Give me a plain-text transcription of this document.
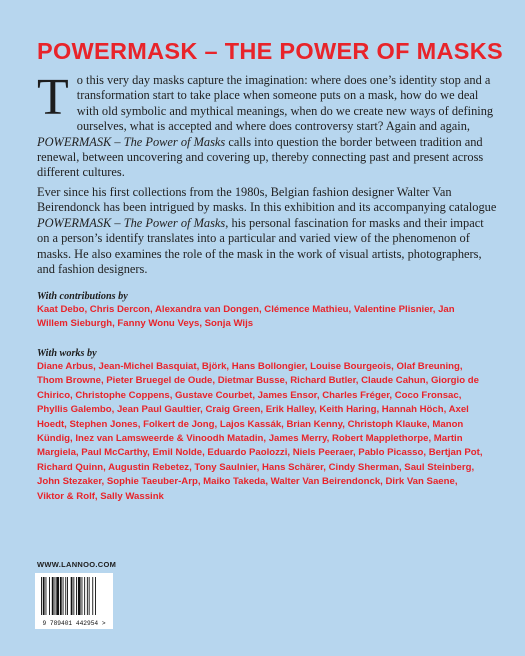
POWERMASK – THE POWER OF MASKS

To this very day masks capture the imagination: where does one’s identity stop and a transformation start to take place when someone puts on a mask, how do we deal with old symbolic and mythical meanings, when do we create new ways of defining ourselves, what is accepted and where does controversy start? Again and again, POWERMASK – The Power of Masks calls into question the border between tradition and renewal, between uncovering and covering up, thereby connecting past and present across different cultures.

Ever since his first collections from the 1980s, Belgian fashion designer Walter Van Beirendonck has been intrigued by masks. In this exhibition and its accompanying catalogue POWERMASK – The Power of Masks, his personal fascination for masks and their impact on a person’s identify translates into a particular and varied view of the phenomenon of masks. He also examines the role of the mask in the work of visual artists, photographers, and fashion designers.

With contributions by

Kaat Debo, Chris Dercon, Alexandra van Dongen, Clémence Mathieu, Valentine Plisnier, Jan Willem Sieburgh, Fanny Wonu Veys, Sonja Wijs

With works by

Diane Arbus, Jean-Michel Basquiat, Björk, Hans Bollongier, Louise Bourgeois, Olaf Breuning, Thom Browne, Pieter Bruegel de Oude, Dietmar Busse, Richard Butler, Claude Cahun, Giorgio de Chirico, Christophe Coppens, Gustave Courbet, James Ensor, Charles Fréger, Coco Fronsac, Phyllis Galembo, Jean Paul Gaultier, Craig Green, Erik Halley, Keith Haring, Hannah Höch, Axel Hoedt, Stephen Jones, Folkert de Jong, Lajos Kassák, Brian Kenny, Christoph Klauke, Manon Kündig, Inez van Lamsweerde & Vinoodh Matadin, James Merry, Robert Mapplethorpe, Martin Margiela, Paul McCarthy, Emil Nolde, Eduardo Paolozzi, Niels Peeraer, Pablo Picasso, Bertjan Pot, Richard Quinn, Augustin Rebetez, Tony Saulnier, Hans Schärer, Cindy Sherman, Saul Steinberg, John Stezaker, Sophie Taeuber-Arp, Maiko Takeda, Walter Van Beirendonck, Dirk Van Saene, Viktor & Rolf, Sally Wassink

WWW.LANNOO.COM

9 789401 442954 >
